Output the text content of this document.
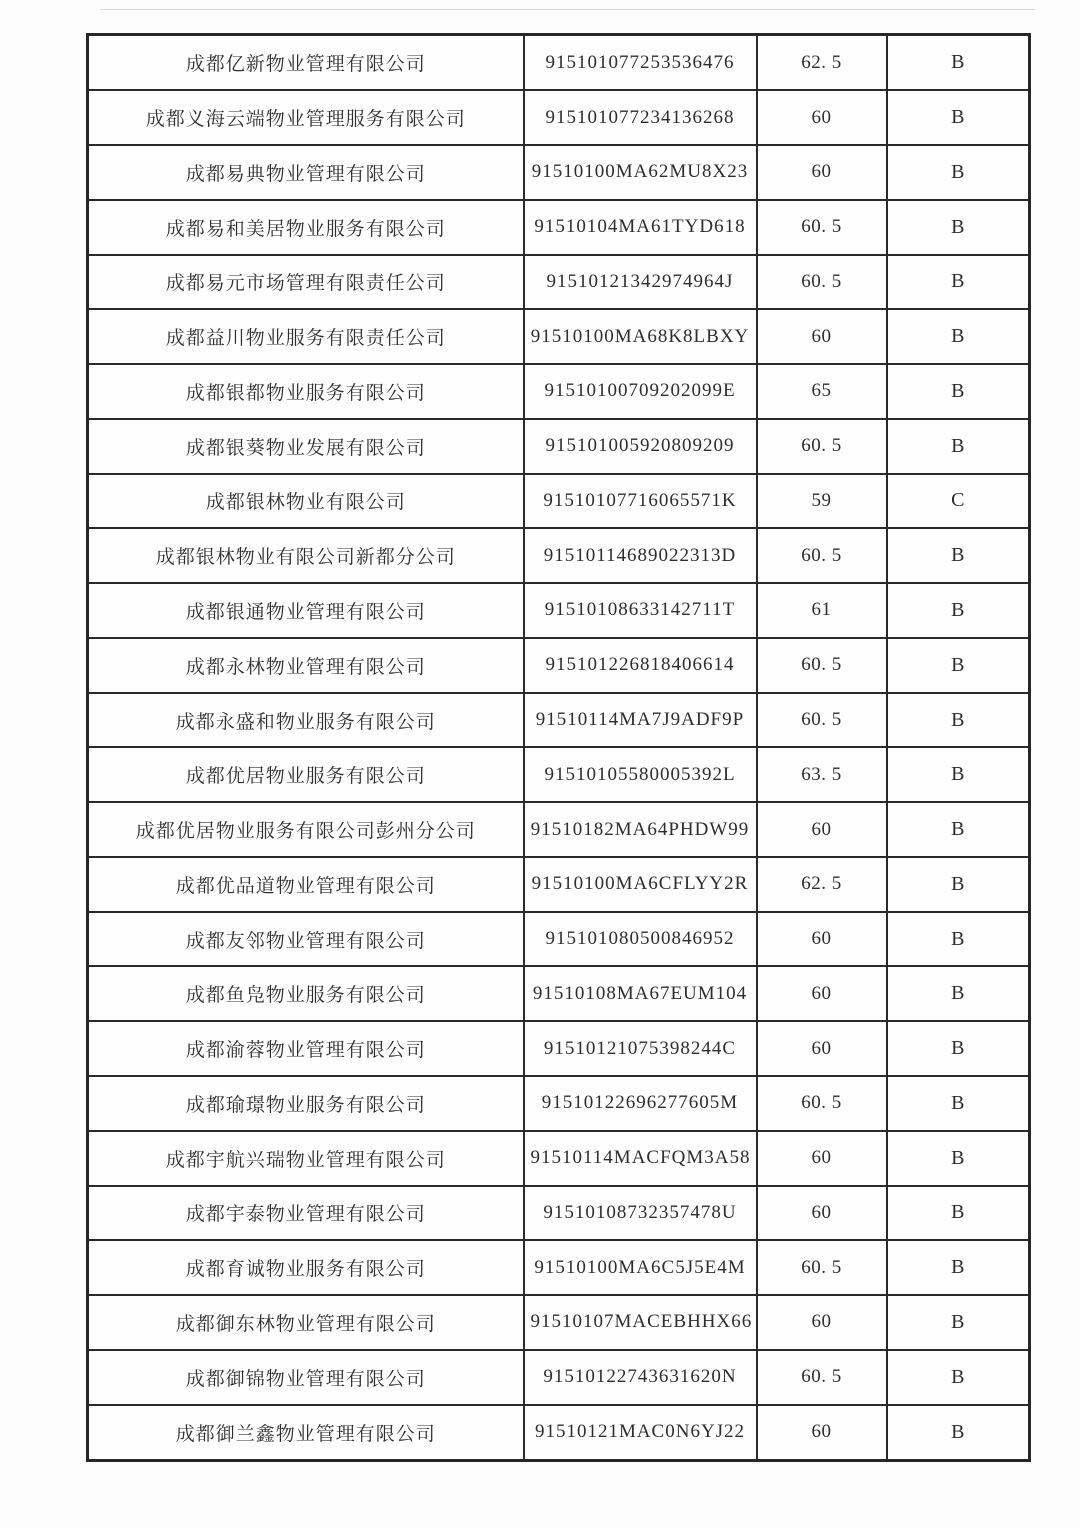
成都亿新物业管理有限公司	915101077253536476	62. 5	B
成都义海云端物业管理服务有限公司	915101077234136268	60	B
成都易典物业管理有限公司	91510100MA62MU8X23	60	B
成都易和美居物业服务有限公司	91510104MA61TYD618	60. 5	B
成都易元市场管理有限责任公司	91510121342974964J	60. 5	B
成都益川物业服务有限责任公司	91510100MA68K8LBXY	60	B
成都银都物业服务有限公司	91510100709202099E	65	B
成都银葵物业发展有限公司	915101005920809209	60. 5	B
成都银林物业有限公司	91510107716065571K	59	C
成都银林物业有限公司新都分公司	91510114689022313D	60. 5	B
成都银通物业管理有限公司	91510108633142711T	61	B
成都永林物业管理有限公司	915101226818406614	60. 5	B
成都永盛和物业服务有限公司	91510114MA7J9ADF9P	60. 5	B
成都优居物业服务有限公司	91510105580005392L	63. 5	B
成都优居物业服务有限公司彭州分公司	91510182MA64PHDW99	60	B
成都优品道物业管理有限公司	91510100MA6CFLYY2R	62. 5	B
成都友邻物业管理有限公司	915101080500846952	60	B
成都鱼凫物业服务有限公司	91510108MA67EUM104	60	B
成都渝蓉物业管理有限公司	91510121075398244C	60	B
成都瑜璟物业服务有限公司	91510122696277605M	60. 5	B
成都宇航兴瑞物业管理有限公司	91510114MACFQM3A58	60	B
成都宇泰物业管理有限公司	91510108732357478U	60	B
成都育诚物业服务有限公司	91510100MA6C5J5E4M	60. 5	B
成都御东林物业管理有限公司	91510107MACEBHHX66	60	B
成都御锦物业管理有限公司	91510122743631620N	60. 5	B
成都御兰鑫物业管理有限公司	91510121MAC0N6YJ22	60	B
